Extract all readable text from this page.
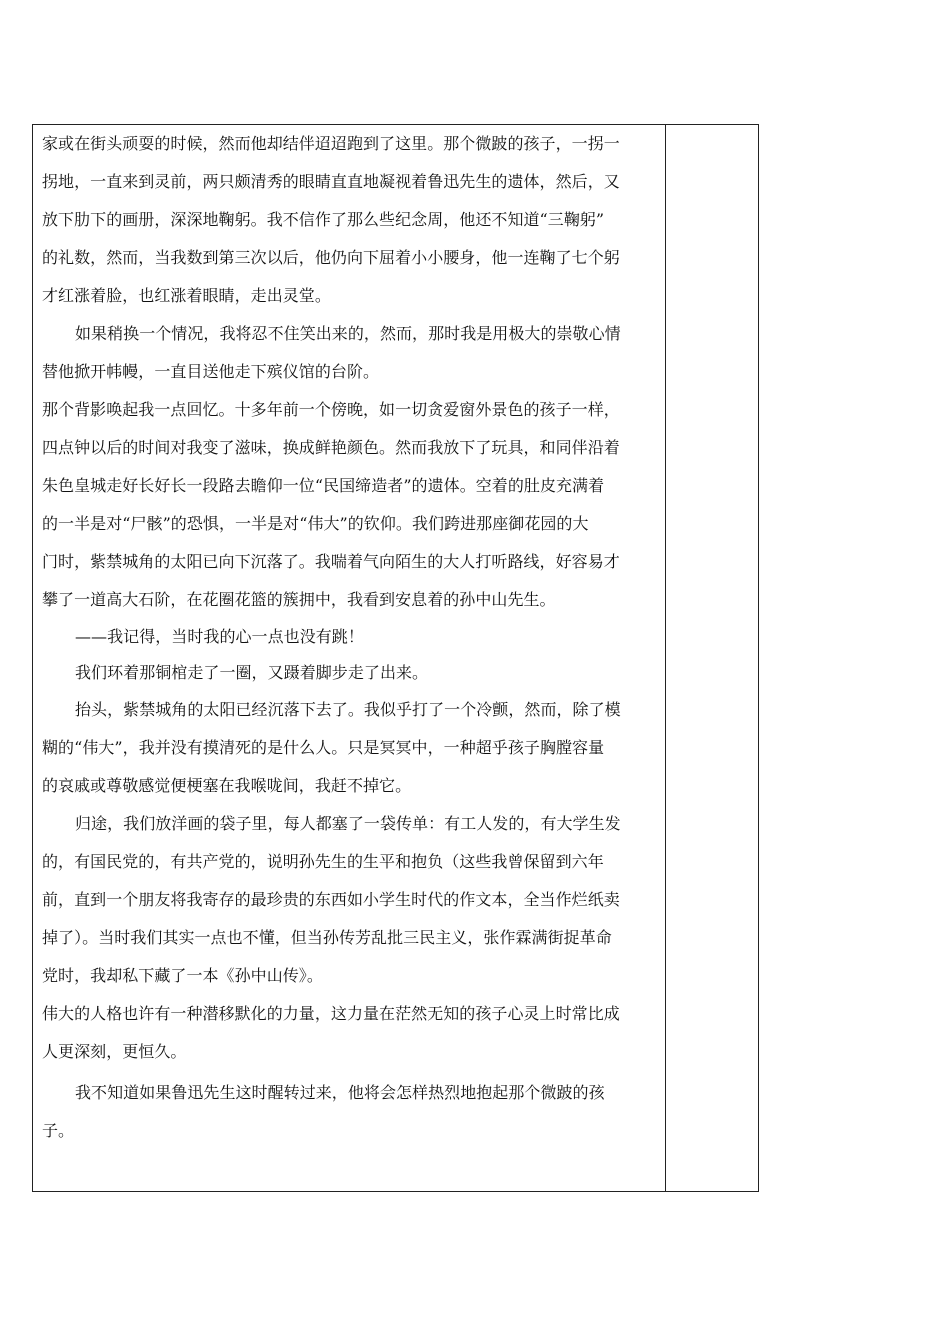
家或在街头顽耍的时候，然而他却结伴迢迢跑到了这里。那个微跛的孩子，一拐一
拐地，一直来到灵前，两只颇清秀的眼睛直直地凝视着鲁迅先生的遗体，然后，又
放下肋下的画册，深深地鞠躬。我不信作了那么些纪念周，他还不知道“三鞠躬”
的礼数，然而，当我数到第三次以后，他仍向下屈着小小腰身，他一连鞠了七个躬
才红涨着脸，也红涨着眼睛，走出灵堂。
如果稍换一个情况，我将忍不住笑出来的，然而，那时我是用极大的崇敬心情
替他掀开帏幔，一直目送他走下殡仪馆的台阶。
那个背影唤起我一点回忆。十多年前一个傍晚，如一切贪爱窗外景色的孩子一样，
四点钟以后的时间对我变了滋味，换成鲜艳颜色。然而我放下了玩具，和同伴沿着
朱色皇城走好长好长一段路去瞻仰一位“民国缔造者”的遗体。空着的肚皮充满着
的一半是对“尸骸”的恐惧，一半是对“伟大”的钦仰。我们跨进那座御花园的大
门时，紫禁城角的太阳已向下沉落了。我喘着气向陌生的大人打听路线，好容易才
攀了一道高大石阶，在花圈花篮的簇拥中，我看到安息着的孙中山先生。
——我记得，当时我的心一点也没有跳！
我们环着那铜棺走了一圈，又蹑着脚步走了出来。
抬头，紫禁城角的太阳已经沉落下去了。我似乎打了一个冷颤，然而，除了模
糊的“伟大”，我并没有摸清死的是什么人。只是冥冥中，一种超乎孩子胸膛容量
的哀戚或尊敬感觉便梗塞在我喉咙间，我赶不掉它。
归途，我们放洋画的袋子里，每人都塞了一袋传单：有工人发的，有大学生发
的，有国民党的，有共产党的，说明孙先生的生平和抱负（这些我曾保留到六年
前，直到一个朋友将我寄存的最珍贵的东西如小学生时代的作文本，全当作烂纸卖
掉了）。当时我们其实一点也不懂，但当孙传芳乱批三民主义，张作霖满街捉革命
党时，我却私下藏了一本《孙中山传》。
伟大的人格也许有一种潜移默化的力量，这力量在茫然无知的孩子心灵上时常比成
人更深刻，更恒久。
我不知道如果鲁迅先生这时醒转过来，他将会怎样热烈地抱起那个微跛的孩
子。
